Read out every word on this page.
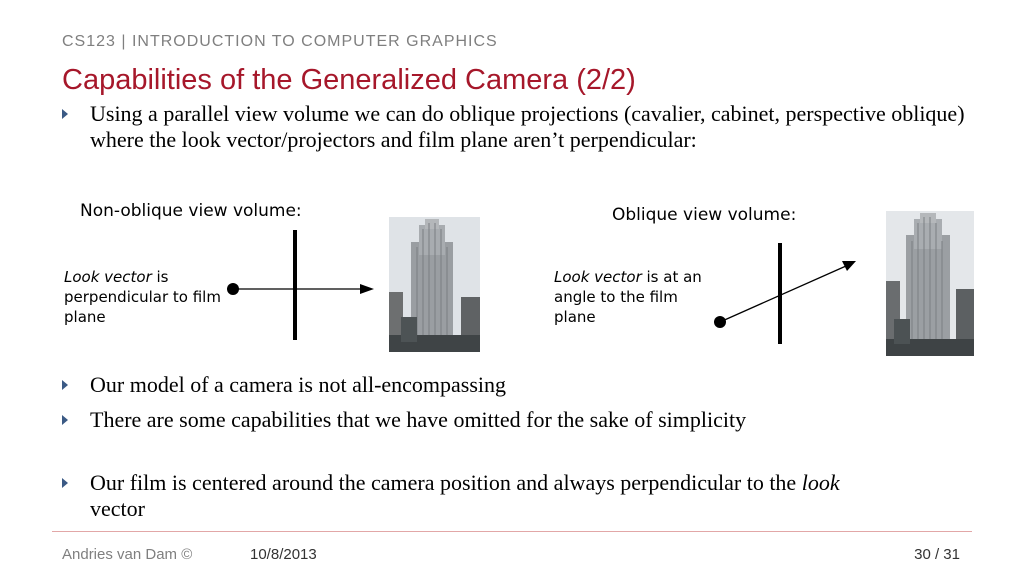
CS123 | INTRODUCTION TO COMPUTER GRAPHICS
Capabilities of the Generalized Camera (2/2)
Using a parallel view volume we can do oblique projections (cavalier, cabinet, perspective oblique) where the look vector/projectors and film plane aren’t perpendicular:
Non-oblique view volume:
Look vector is perpendicular to film plane
Oblique view volume:
Look vector is at an angle to the film plane
Our model of a camera is not all-encompassing
There are some capabilities that we have omitted for the sake of simplicity
Our film is centered around the camera position and always perpendicular to the look vector
Andries van Dam ©	10/8/2013	30 / 31
